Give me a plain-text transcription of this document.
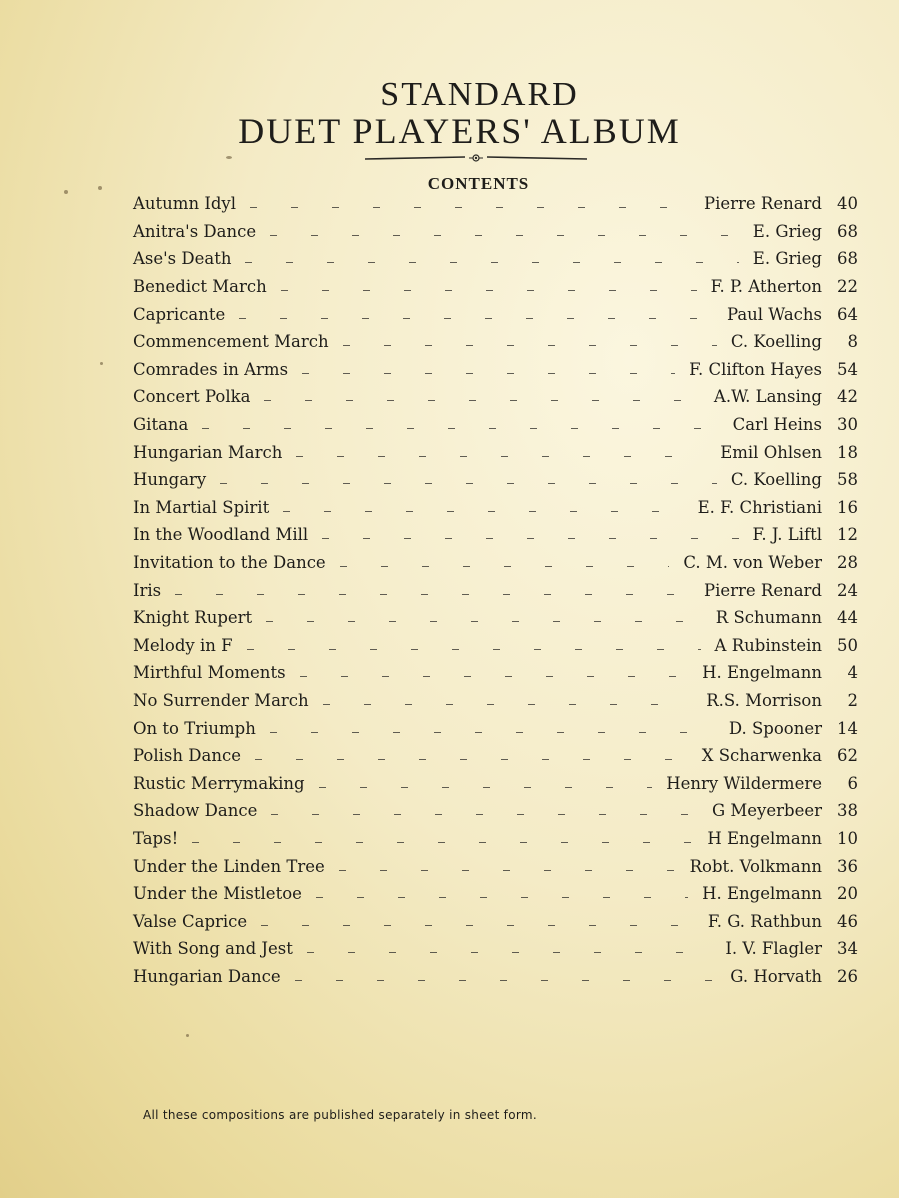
STANDARD
DUET PLAYERS' ALBUM
CONTENTS
Autumn Idyl	Pierre Renard 40
Anitra's Dance	E. Grieg 68
Ase's Death	E. Grieg 68
Benedict March	F. P. Atherton 22
Capricante	Paul Wachs 64
Commencement March	C. Koelling	8
Comrades in Arms	F. Clifton Hayes 54
Concert Polka	A.W. Lansing 42
Gitana	Carl Heins 30
Hungarian March	Emil Ohlsen 18
Hungary	C. Koelling 58
In Martial Spirit	E. F. Christiani 16
In the Woodland Mill	F. J. Liftl 12
Invitation to the Dance	C. M. von Weber 28
Iris	Pierre Renard 24
Knight Rupert	R Schumann 44
Melody in F	A Rubinstein 50
Mirthful Moments	H. Engelmann	4
No Surrender March	R.S. Morrison	2
On to Triumph	D. Spooner 14
Polish Dance	X Scharwenka 62
Rustic Merrymaking	Henry Wildermere	6
Shadow Dance	G Meyerbeer 38
Taps!	H Engelmann 10
Under the Linden Tree	Robt. Volkmann 36
Under the Mistletoe	H. Engelmann 20
Valse Caprice	F. G. Rathbun 46
With Song and Jest	I. V. Flagler 34
Hungarian Dance	G. Horvath 26
All these compositions are published separately in sheet form.
